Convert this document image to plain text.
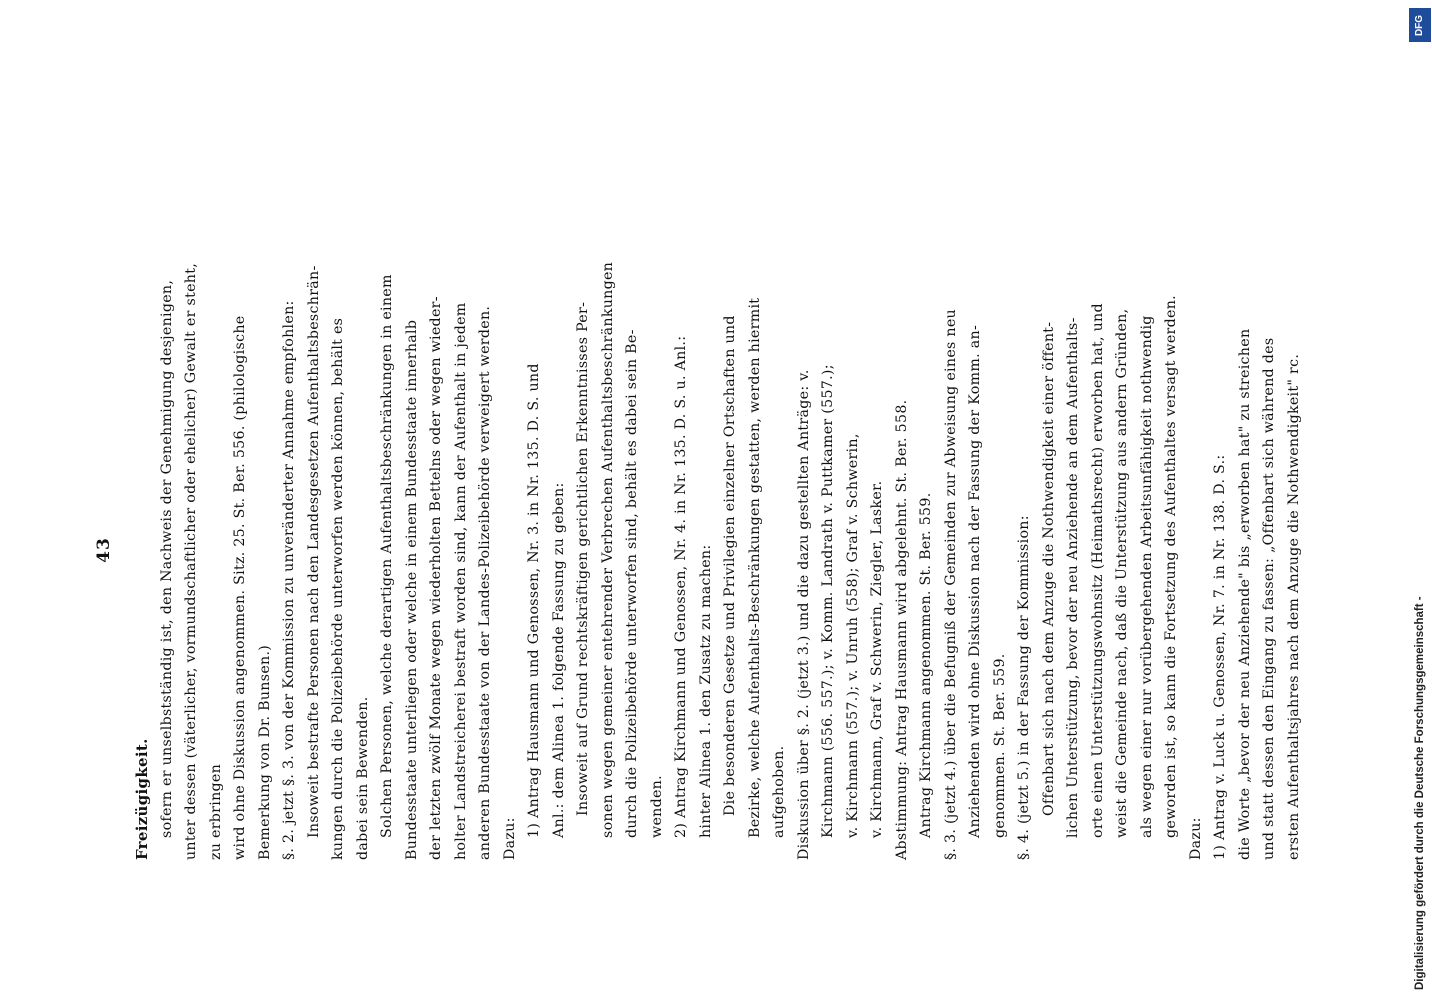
43
Freizügigkeit. sofern er unselbstständig ist, den Nachweis der Genehmigung desjenigen, unter dessen (väterlicher, vormundschaftlicher oder ehelicher) Gewalt er steht, zu erbringen wird ohne Diskussion angenommen. Sitz. 25. St. Ber. 556. (philologische Bemerkung von Dr. Bunsen.) §. 2. jetzt §. 3. von der Kommission zu unveränderter Annahme empfohlen: Insoweit bestrafte Personen nach den Landesgesetzen Aufenthaltsbeschrän- kungen durch die Polizeibehörde unterworfen werden können, behält es dabei sein Bewenden. Solchen Personen, welche derartigen Aufenthaltsbeschränkungen in einem Bundesstaate unterliegen oder welche in einem Bundesstaate innerhalb der letzten zwölf Monate wegen wiederholten Bettelns oder wegen wieder- holter Landstreicherei bestraft worden sind, kann der Aufenthalt in jedem anderen Bundesstaate von der Landes-Polizeibehörde verweigert werden. Dazu:
1) Antrag Hausmann und Genossen, Nr. 3. in Nr. 135. D. S. und Anl.: dem Alinea 1. folgende Fassung zu geben: Insoweit auf Grund rechtskräftigen gerichtlichen Erkenntnisses Per- sonen wegen gemeiner entehrender Verbrechen Aufenthaltsbeschränkungen durch die Polizeibehörde unterworfen sind, behält es dabei sein Be- wenden. 2) Antrag Kirchmann und Genossen, Nr. 4. in Nr. 135. D. S. u. Anl.: hinter Alinea 1. den Zusatz zu machen: Die besonderen Gesetze und Privilegien einzelner Ortschaften und Bezirke, welche Aufenthalts-Beschränkungen gestatten, werden hiermit aufgehoben. Diskussion über §. 2. (jetzt 3.) und die dazu gestellten Anträge: v. Kirchmann (556. 557.); v. Komm. Landrath v. Puttkamer (557.); v. Kirchmann (557.); v. Unruh (558); Graf v. Schwerin, v. Kirchmann, Graf v. Schwerin, Ziegler, Lasker. Abstimmung: Antrag Hausmann wird abgelehnt. St. Ber. 558. Antrag Kirchmann angenommen. St. Ber. 559. §. 3. (jetzt 4.) über die Befugniß der Gemeinden zur Abweisung eines neu Anziehenden wird ohne Diskussion nach der Fassung der Komm. an- genommen. St. Ber. 559. §. 4. (jetzt 5.) in der Fassung der Kommission: Offenbart sich nach dem Anzuge die Nothwendigkeit einer öffent- lichen Unterstützung, bevor der neu Anziehende an dem Aufenthalts- orte einen Unterstützungswohnsitz (Heimathsrecht) erworben hat, und weist die Gemeinde nach, daß die Unterstützung aus andern Gründen, als wegen einer nur vorübergehenden Arbeitsunfähigkeit nothwendig geworden ist, so kann die Fortsetzung des Aufenthaltes versagt werden.
Dazu: 1) Antrag v. Luck u. Genossen, Nr. 7. in Nr. 138. D. S.: die Worte „bevor der neu Anziehende" bis „erworben hat" zu streichen und statt dessen den Eingang zu fassen: „Offenbart sich während des ersten Aufenthaltsjahres nach dem Anzuge die Nothwendigkeit" rc.	Digitalisierung gefördert durch die Deutsche Forschungsgemeinschaft -
DFG
